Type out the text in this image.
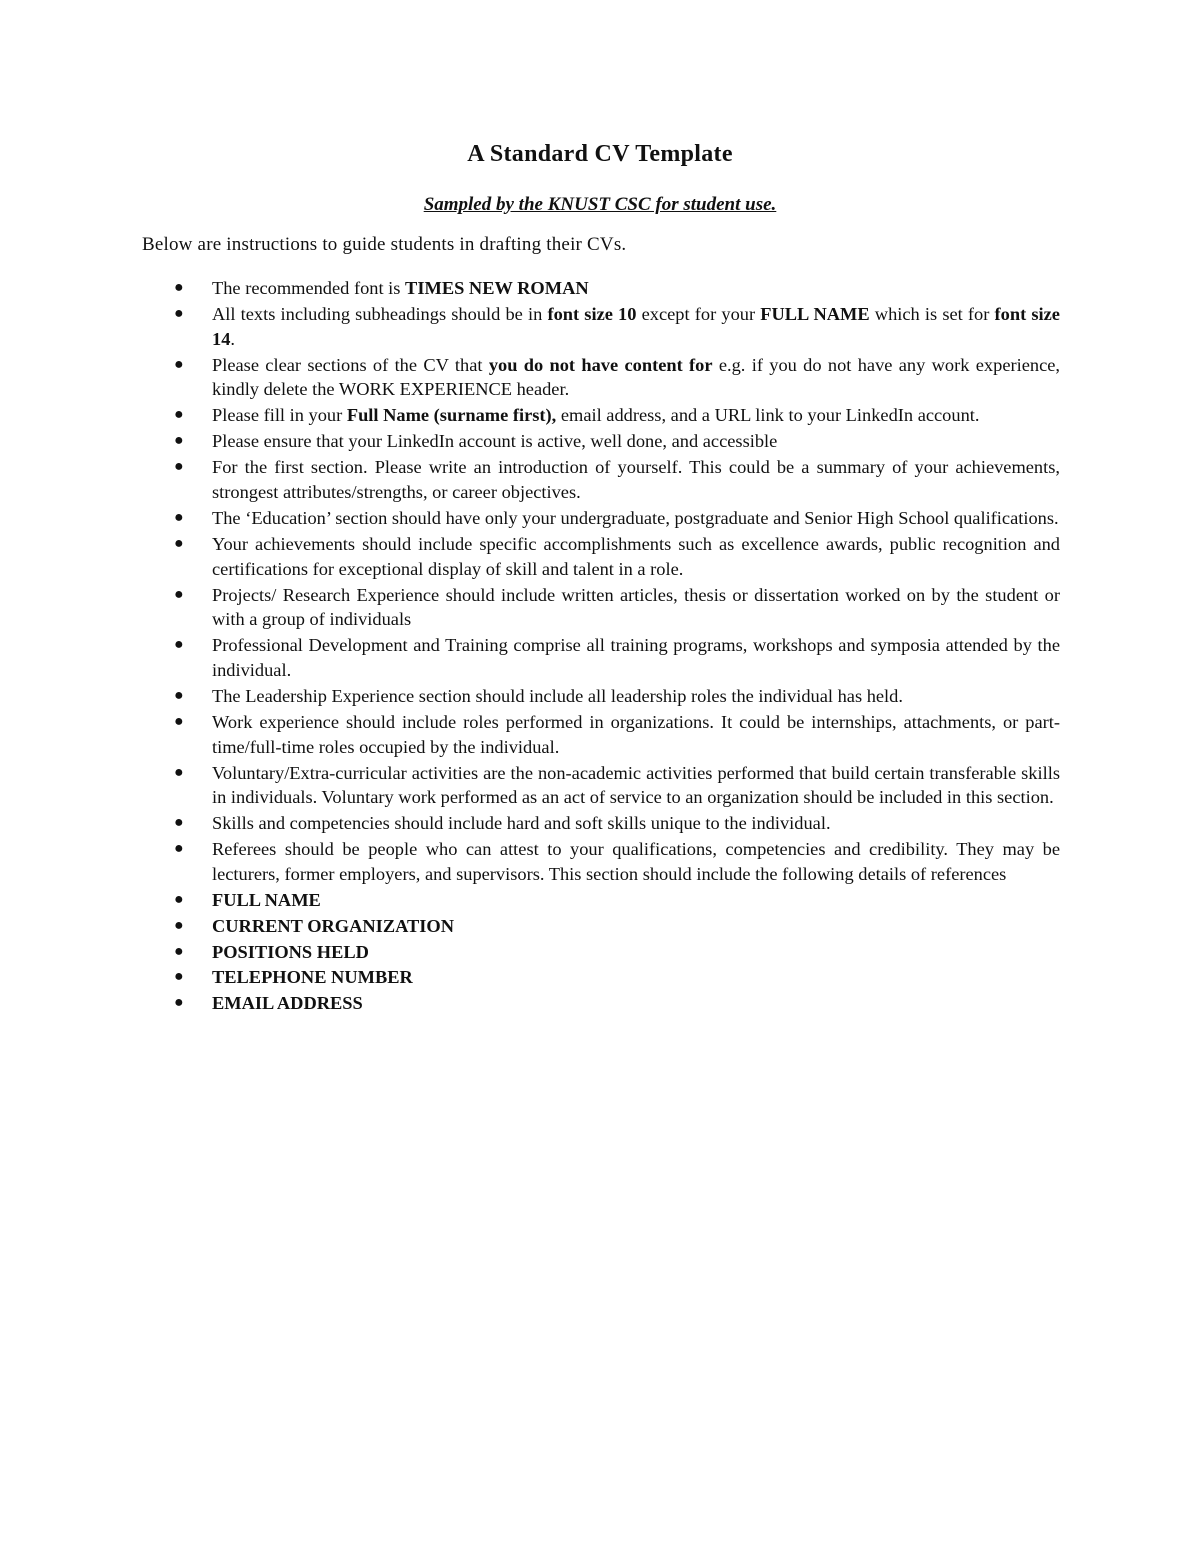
A Standard CV Template
Sampled by the KNUST CSC for student use.
Below are instructions to guide students in drafting their CVs.
● The recommended font is TIMES NEW ROMAN
● All texts including subheadings should be in font size 10 except for your FULL NAME which is set for font size 14.
● Please clear sections of the CV that you do not have content for e.g. if you do not have any work experience, kindly delete the WORK EXPERIENCE header.
● Please fill in your Full Name (surname first), email address, and a URL link to your LinkedIn account.
● Please ensure that your LinkedIn account is active, well done, and accessible
● For the first section. Please write an introduction of yourself. This could be a summary of your achievements, strongest attributes/strengths, or career objectives.
● The ‘Education’ section should have only your undergraduate, postgraduate and Senior High School qualifications.
● Your achievements should include specific accomplishments such as excellence awards, public recognition and certifications for exceptional display of skill and talent in a role.
● Projects/ Research Experience should include written articles, thesis or dissertation worked on by the student or with a group of individuals
● Professional Development and Training comprise all training programs, workshops and symposia attended by the individual.
● The Leadership Experience section should include all leadership roles the individual has held.
● Work experience should include roles performed in organizations. It could be internships, attachments, or part-time/full-time roles occupied by the individual.
● Voluntary/Extra-curricular activities are the non-academic activities performed that build certain transferable skills in individuals. Voluntary work performed as an act of service to an organization should be included in this section.
● Skills and competencies should include hard and soft skills unique to the individual.
● Referees should be people who can attest to your qualifications, competencies and credibility. They may be lecturers, former employers, and supervisors. This section should include the following details of references
● FULL NAME
● CURRENT ORGANIZATION
● POSITIONS HELD
● TELEPHONE NUMBER
● EMAIL ADDRESS
